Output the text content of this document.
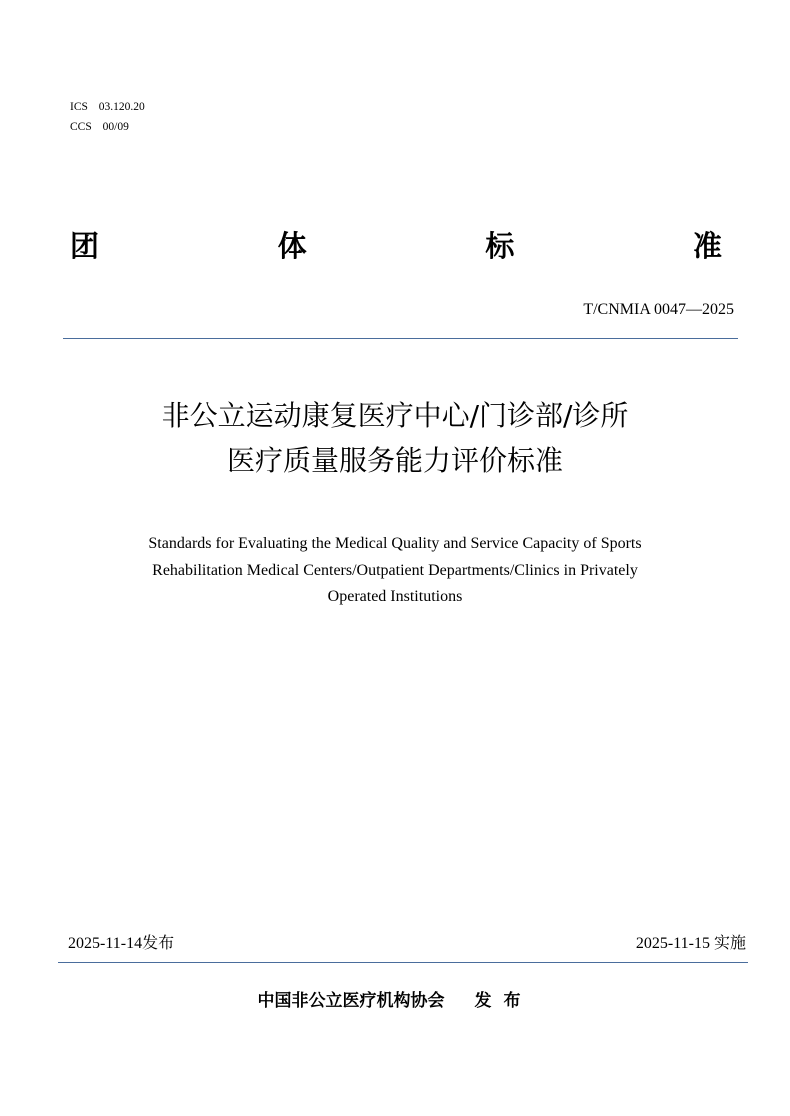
ICS 03.120.20
CCS 00/09
团	体	标	准
T/CNMIA 0047—2025
非公立运动康复医疗中心/门诊部/诊所
医疗质量服务能力评价标准
Standards for Evaluating the Medical Quality and Service Capacity of Sports
Rehabilitation Medical Centers/Outpatient Departments/Clinics in Privately
Operated Institutions
2025-11-14发布	2025-11-15 实施
中国非公立医疗机构协会 发布
